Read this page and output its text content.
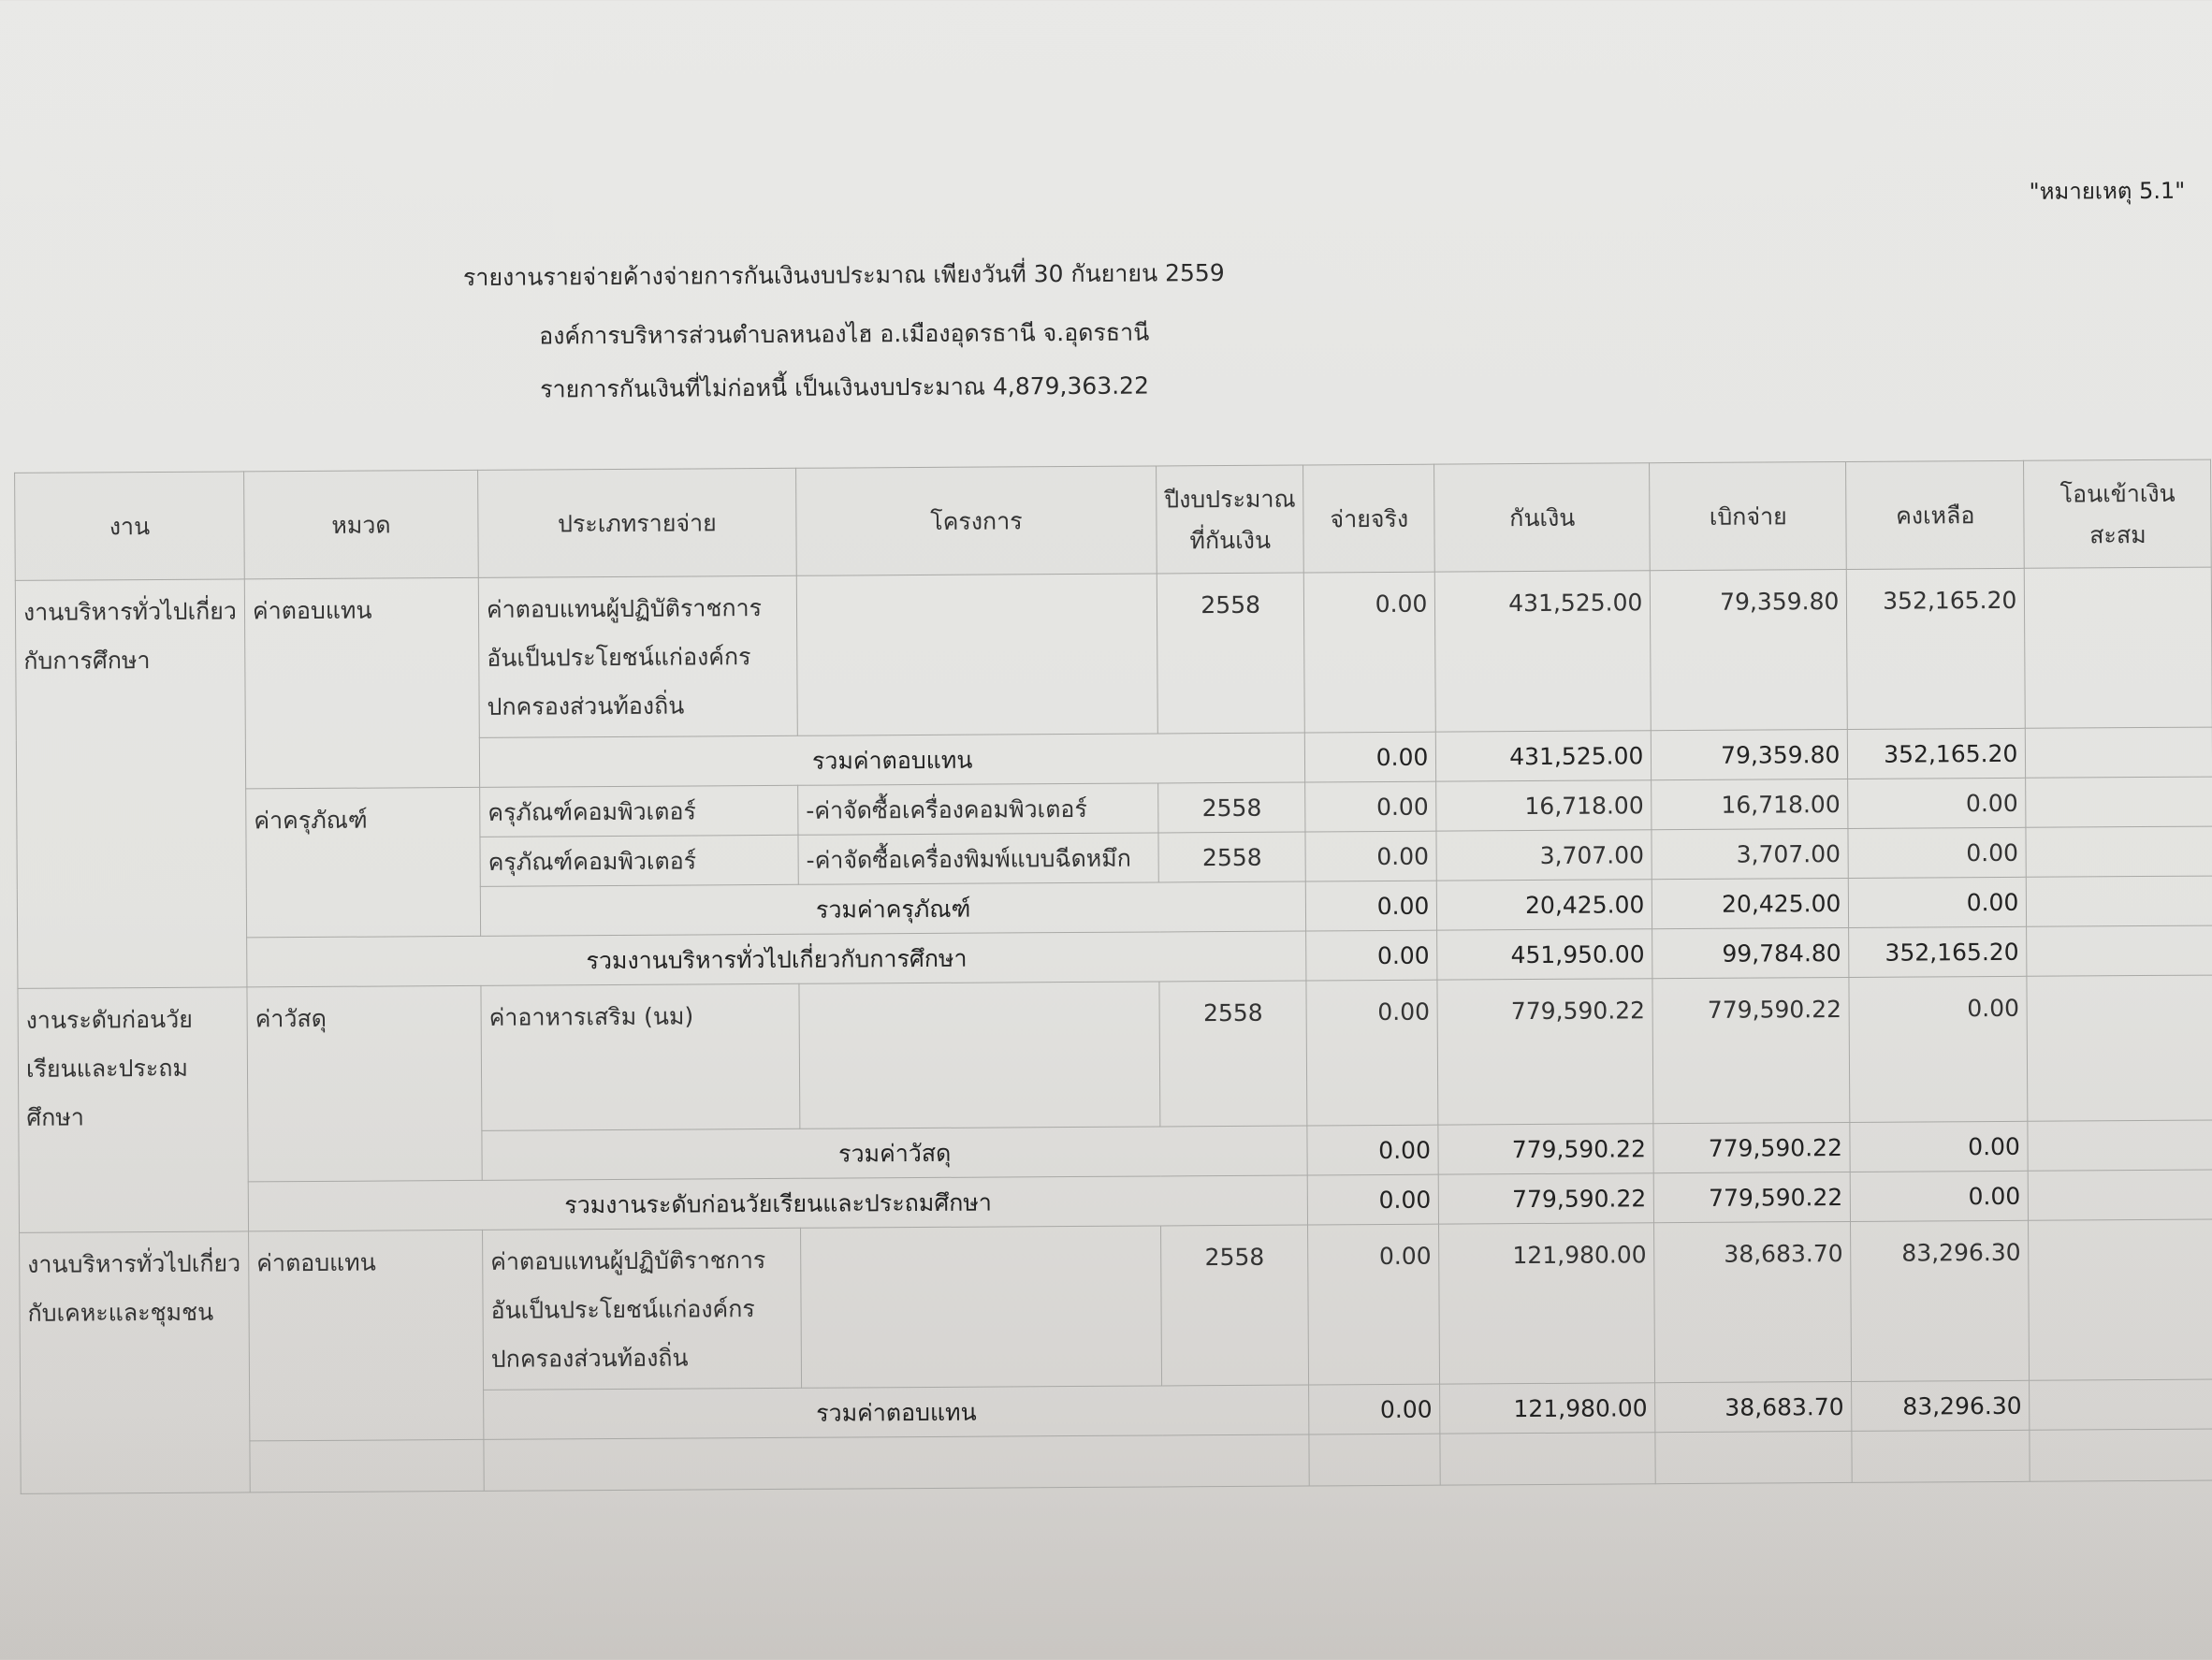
"หมายเหตุ 5.1"
รายงานรายจ่ายค้างจ่ายการกันเงินงบประมาณ เพียงวันที่ 30 กันยายน 2559
องค์การบริหารส่วนตำบลหนองไฮ อ.เมืองอุดรธานี จ.อุดรธานี
รายการกันเงินที่ไม่ก่อหนี้ เป็นเงินงบประมาณ 4,879,363.22
งาน	หมวด	ประเภทรายจ่าย	โครงการ	ปีงบประมาณที่กันเงิน	จ่ายจริง	กันเงิน	เบิกจ่าย	คงเหลือ	โอนเข้าเงินสะสม
งานบริหารทั่วไปเกี่ยวกับการศึกษา	ค่าตอบแทน	ค่าตอบแทนผู้ปฏิบัติราชการอันเป็นประโยชน์แก่องค์กรปกครองส่วนท้องถิ่น		2558	0.00	431,525.00	79,359.80	352,165.20	
		รวมค่าตอบแทน			0.00	431,525.00	79,359.80	352,165.20	
	ค่าครุภัณฑ์	ครุภัณฑ์คอมพิวเตอร์	-ค่าจัดซื้อเครื่องคอมพิวเตอร์	2558	0.00	16,718.00	16,718.00	0.00	
		ครุภัณฑ์คอมพิวเตอร์	-ค่าจัดซื้อเครื่องพิมพ์แบบฉีดหมึก	2558	0.00	3,707.00	3,707.00	0.00	
		รวมค่าครุภัณฑ์			0.00	20,425.00	20,425.00	0.00	
	รวมงานบริหารทั่วไปเกี่ยวกับการศึกษา				0.00	451,950.00	99,784.80	352,165.20	
งานระดับก่อนวัยเรียนและประถมศึกษา	ค่าวัสดุ	ค่าอาหารเสริม (นม)		2558	0.00	779,590.22	779,590.22	0.00	
		รวมค่าวัสดุ			0.00	779,590.22	779,590.22	0.00	
	รวมงานระดับก่อนวัยเรียนและประถมศึกษา				0.00	779,590.22	779,590.22	0.00	
งานบริหารทั่วไปเกี่ยวกับเคหะและชุมชน	ค่าตอบแทน	ค่าตอบแทนผู้ปฏิบัติราชการอันเป็นประโยชน์แก่องค์กรปกครองส่วนท้องถิ่น		2558	0.00	121,980.00	38,683.70	83,296.30	
		รวมค่าตอบแทน			0.00	121,980.00	38,683.70	83,296.30	
